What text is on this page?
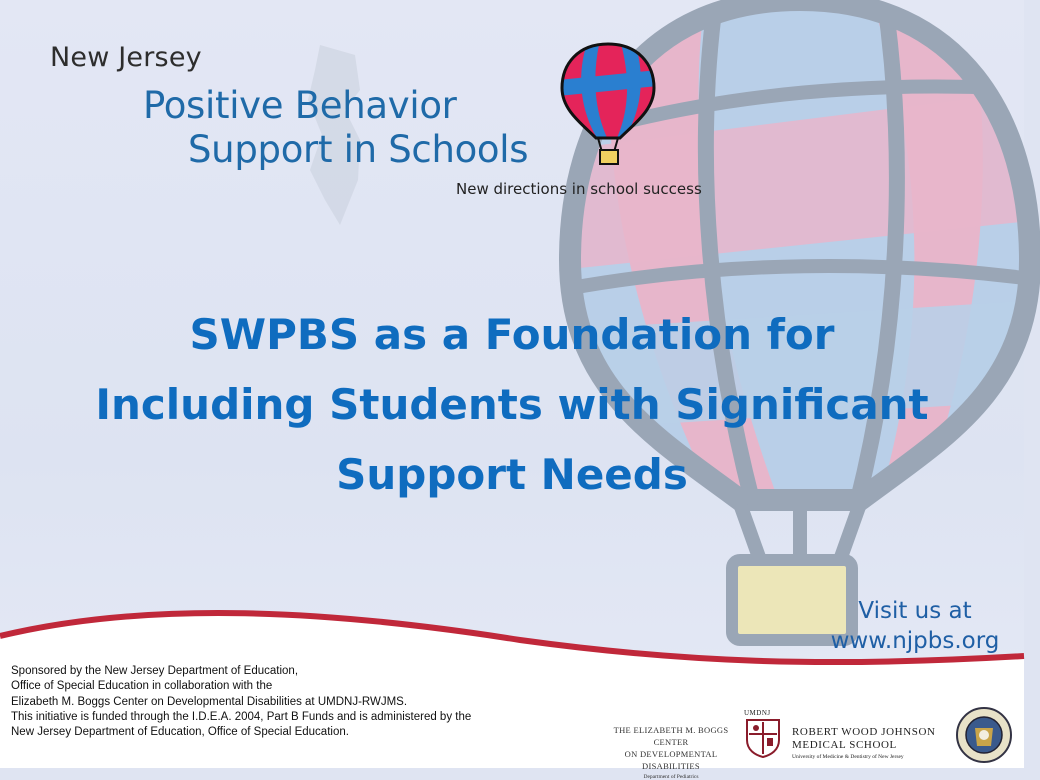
New Jersey
Positive Behavior
Support in Schools
New directions in school success
SWPBS as a Foundation for
Including Students with Significant
Support Needs
Visit us at
www.njpbs.org
Sponsored by the New Jersey Department of Education,
Office of Special Education in collaboration with the
Elizabeth M. Boggs Center on Developmental Disabilities at UMDNJ-RWJMS.
This initiative is funded through the I.D.E.A. 2004, Part B Funds and is administered by the
New Jersey Department of Education, Office of Special Education.	THE ELIZABETH M. BOGGS CENTER
ON DEVELOPMENTAL DISABILITIES
Department of Pediatrics
UMDNJ
ROBERT WOOD JOHNSON
MEDICAL SCHOOL
University of Medicine & Dentistry of New Jersey
